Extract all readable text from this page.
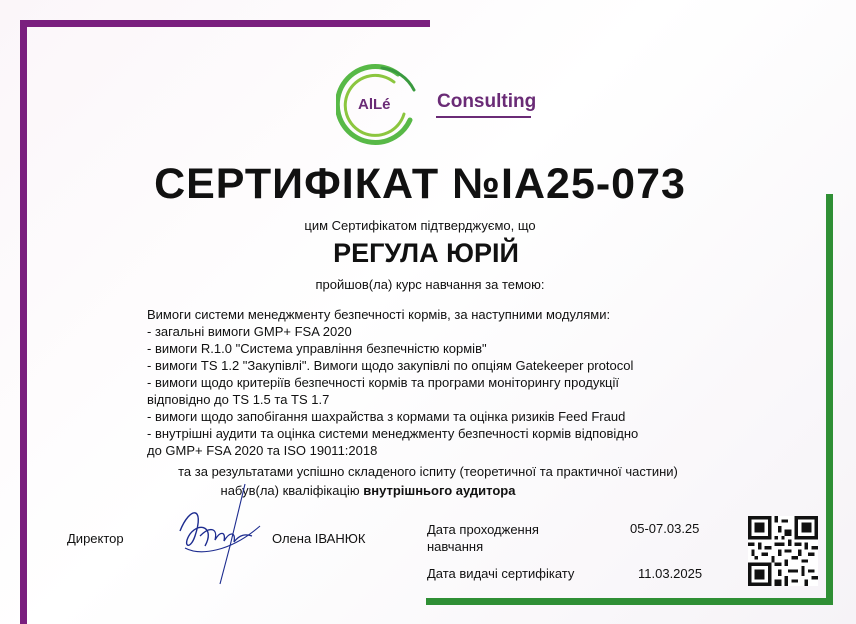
AlLé Consulting
СЕРТИФІКАТ №IA25-073
цим Сертифікатом підтверджуємо, що
РЕГУЛА ЮРІЙ
пройшов(ла) курс навчання за темою:
Вимоги системи менеджменту безпечності кормів, за наступними модулями:
- загальні вимоги GMP+ FSA 2020
- вимоги R.1.0 "Система управління безпечністю кормів"
- вимоги TS 1.2 "Закупівлі". Вимоги щодо закупівлі по опціям Gatekeeper protocol
- вимоги щодо критеріїв безпечності кормів та програми моніторингу продукції
відповідно до TS 1.5 та TS 1.7
- вимоги щодо запобігання шахрайства з кормами та оцінка ризиків Feed Fraud
- внутрішні аудити та оцінка системи менеджменту безпечності кормів відповідно
до GMP+ FSA 2020 та ISO 19011:2018
та за результатами успішно складеного іспиту (теоретичної та практичної частини)
набув(ла) кваліфікацію внутрішнього аудитора
Директор	Олена ІВАНЮК
Дата проходження навчання
05-07.03.25
Дата видачі сертифікату	11.03.2025
